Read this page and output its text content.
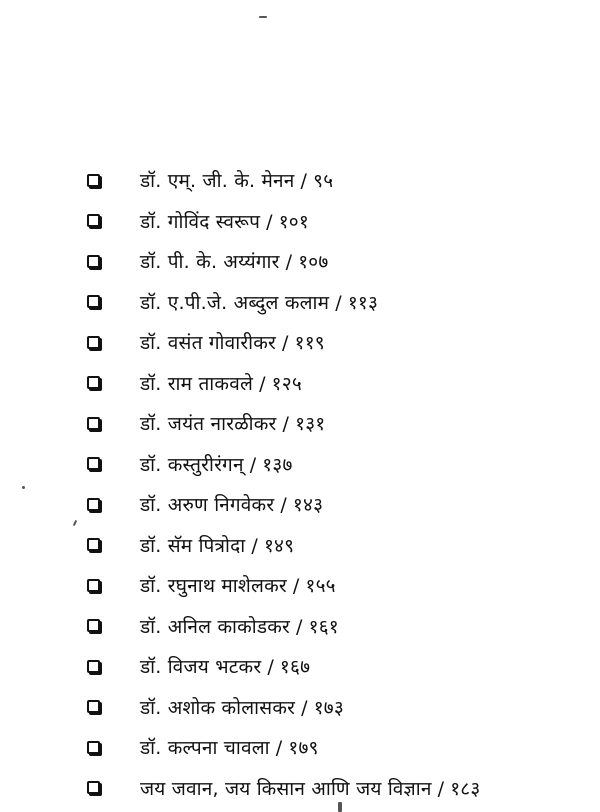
डॉ. एम्. जी. के. मेनन / ९५
डॉ. गोविंद स्वरूप / १०१
डॉ. पी. के. अय्यंगार / १०७
डॉ. ए.पी.जे. अब्दुल कलाम / ११३
डॉ. वसंत गोवारीकर / ११९
डॉ. राम ताकवले / १२५
डॉ. जयंत नारळीकर / १३१
डॉ. कस्तुरीरंगन् / १३७
डॉ. अरुण निगवेकर / १४३
डॉ. सॅम पित्रोदा / १४९
डॉ. रघुनाथ माशेलकर / १५५
डॉ. अनिल काकोडकर / १६१
डॉ. विजय भटकर / १६७
डॉ. अशोक कोलासकर / १७३
डॉ. कल्पना चावला / १७९
जय जवान, जय किसान आणि जय विज्ञान / १८३
